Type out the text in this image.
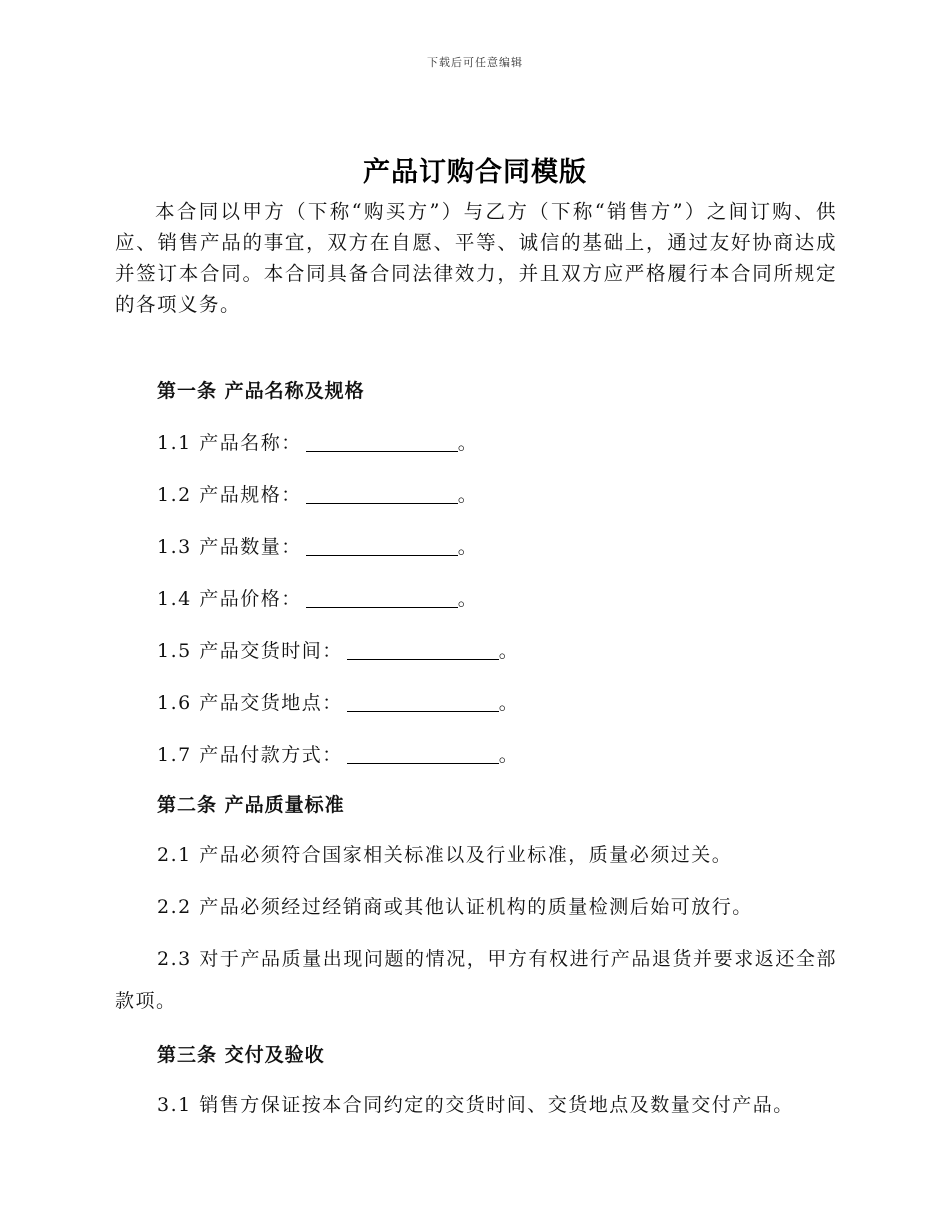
下载后可任意编辑
产品订购合同模版

本合同以甲方（下称“购买方”）与乙方（下称“销售方”）之间订购、供应、销售产品的事宜，双方在自愿、平等、诚信的基础上，通过友好协商达成并签订本合同。本合同具备合同法律效力，并且双方应严格履行本合同所规定的各项义务。

第一条 产品名称及规格
1.1 产品名称：	。
1.2 产品规格：	。
1.3 产品数量：	。
1.4 产品价格：	。
1.5 产品交货时间：	。
1.6 产品交货地点：	。
1.7 产品付款方式：	。
第二条 产品质量标准

2.1 产品必须符合国家相关标准以及行业标准，质量必须过关。

2.2 产品必须经过经销商或其他认证机构的质量检测后始可放行。

2.3 对于产品质量出现问题的情况，甲方有权进行产品退货并要求返还全部款项。

第三条 交付及验收

3.1 销售方保证按本合同约定的交货时间、交货地点及数量交付产品。
